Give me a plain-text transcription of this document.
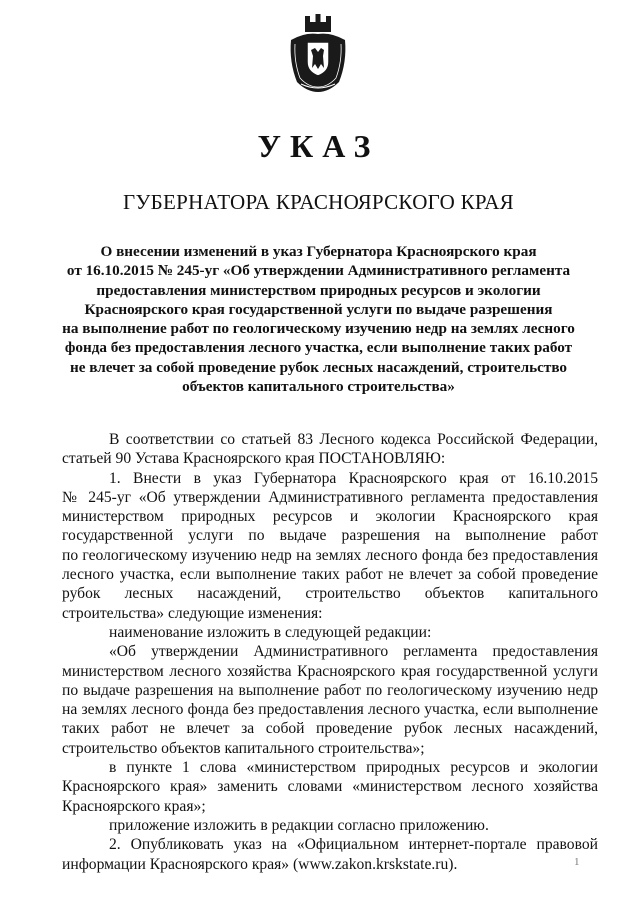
УКАЗ
ГУБЕРНАТОРА КРАСНОЯРСКОГО КРАЯ
О внесении изменений в указ Губернатора Красноярского края
от 16.10.2015 № 245-уг «Об утверждении Административного регламента
предоставления министерством природных ресурсов и экологии
Красноярского края государственной услуги по выдаче разрешения
на выполнение работ по геологическому изучению недр на землях лесного
фонда без предоставления лесного участка, если выполнение таких работ
не влечет за собой проведение рубок лесных насаждений, строительство
объектов капитального строительства»
В соответствии со статьей 83 Лесного кодекса Российской Федерации,
статьей 90 Устава Красноярского края ПОСТАНОВЛЯЮ:
1. Внести в указ Губернатора Красноярского края от 16.10.2015
№ 245-уг «Об утверждении Административного регламента предоставления
министерством природных ресурсов и экологии Красноярского края
государственной услуги по выдаче разрешения на выполнение работ
по геологическому изучению недр на землях лесного фонда без предоставления
лесного участка, если выполнение таких работ не влечет за собой проведение
рубок лесных насаждений, строительство объектов капитального
строительства» следующие изменения:
наименование изложить в следующей редакции:
«Об утверждении Административного регламента предоставления
министерством лесного хозяйства Красноярского края государственной услуги
по выдаче разрешения на выполнение работ по геологическому изучению недр
на землях лесного фонда без предоставления лесного участка, если выполнение
таких работ не влечет за собой проведение рубок лесных насаждений,
строительство объектов капитального строительства»;
в пункте 1 слова «министерством природных ресурсов и экологии
Красноярского края» заменить словами «министерством лесного хозяйства
Красноярского края»;
приложение изложить в редакции согласно приложению.
2. Опубликовать указ на «Официальном интернет-портале правовой
информации Красноярского края» (www.zakon.krskstate.ru).	1
